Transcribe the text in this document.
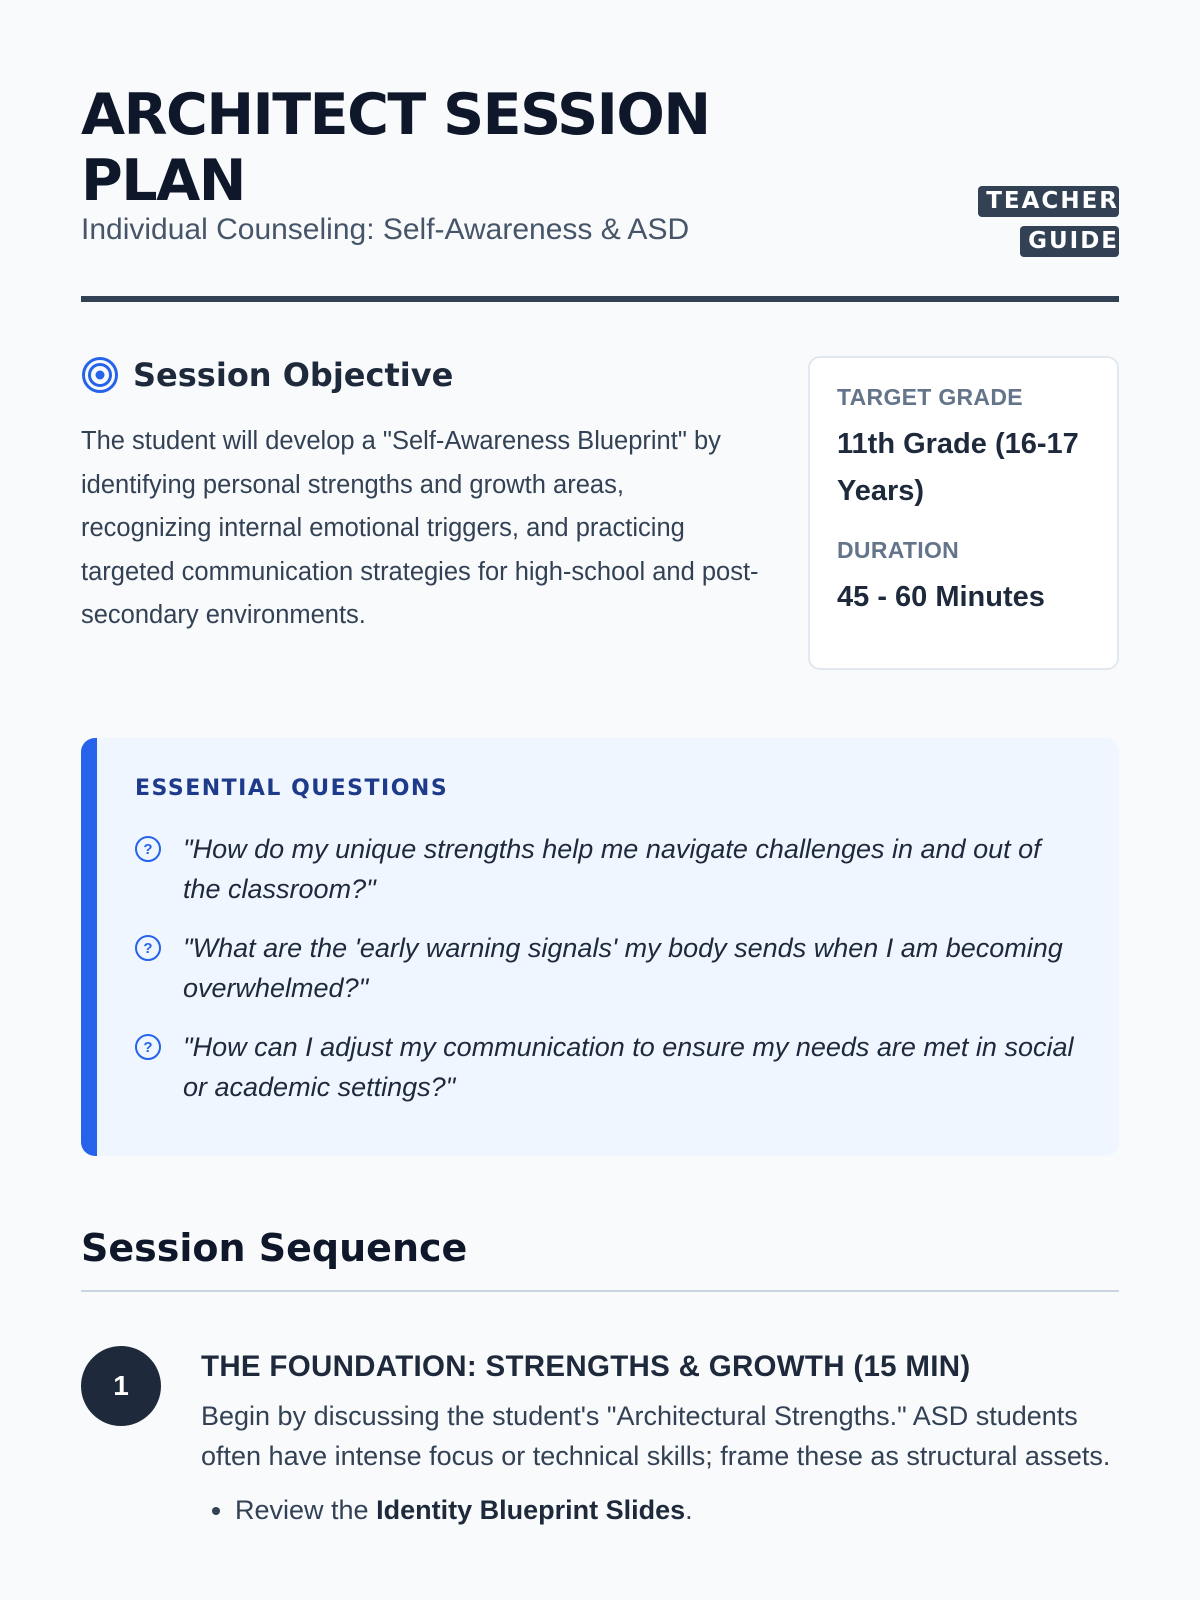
ARCHITECT SESSION PLAN
Individual Counseling: Self-Awareness & ASD
TEACHER GUIDE
Session Objective

The student will develop a "Self-Awareness Blueprint" by identifying personal strengths and growth areas, recognizing internal emotional triggers, and practicing targeted communication strategies for high-school and post-secondary environments.

TARGET GRADE
11th Grade (16-17 Years)
DURATION
45 - 60 Minutes
ESSENTIAL QUESTIONS
?	"How do my unique strengths help me navigate challenges in and out of the classroom?"
?	"What are the 'early warning signals' my body sends when I am becoming overwhelmed?"
?	"How can I adjust my communication to ensure my needs are met in social or academic settings?"
Session Sequence
1
THE FOUNDATION: STRENGTHS & GROWTH (15 MIN)

Begin by discussing the student's "Architectural Strengths." ASD students often have intense focus or technical skills; frame these as structural assets.

• Review the Identity Blueprint Slides.
